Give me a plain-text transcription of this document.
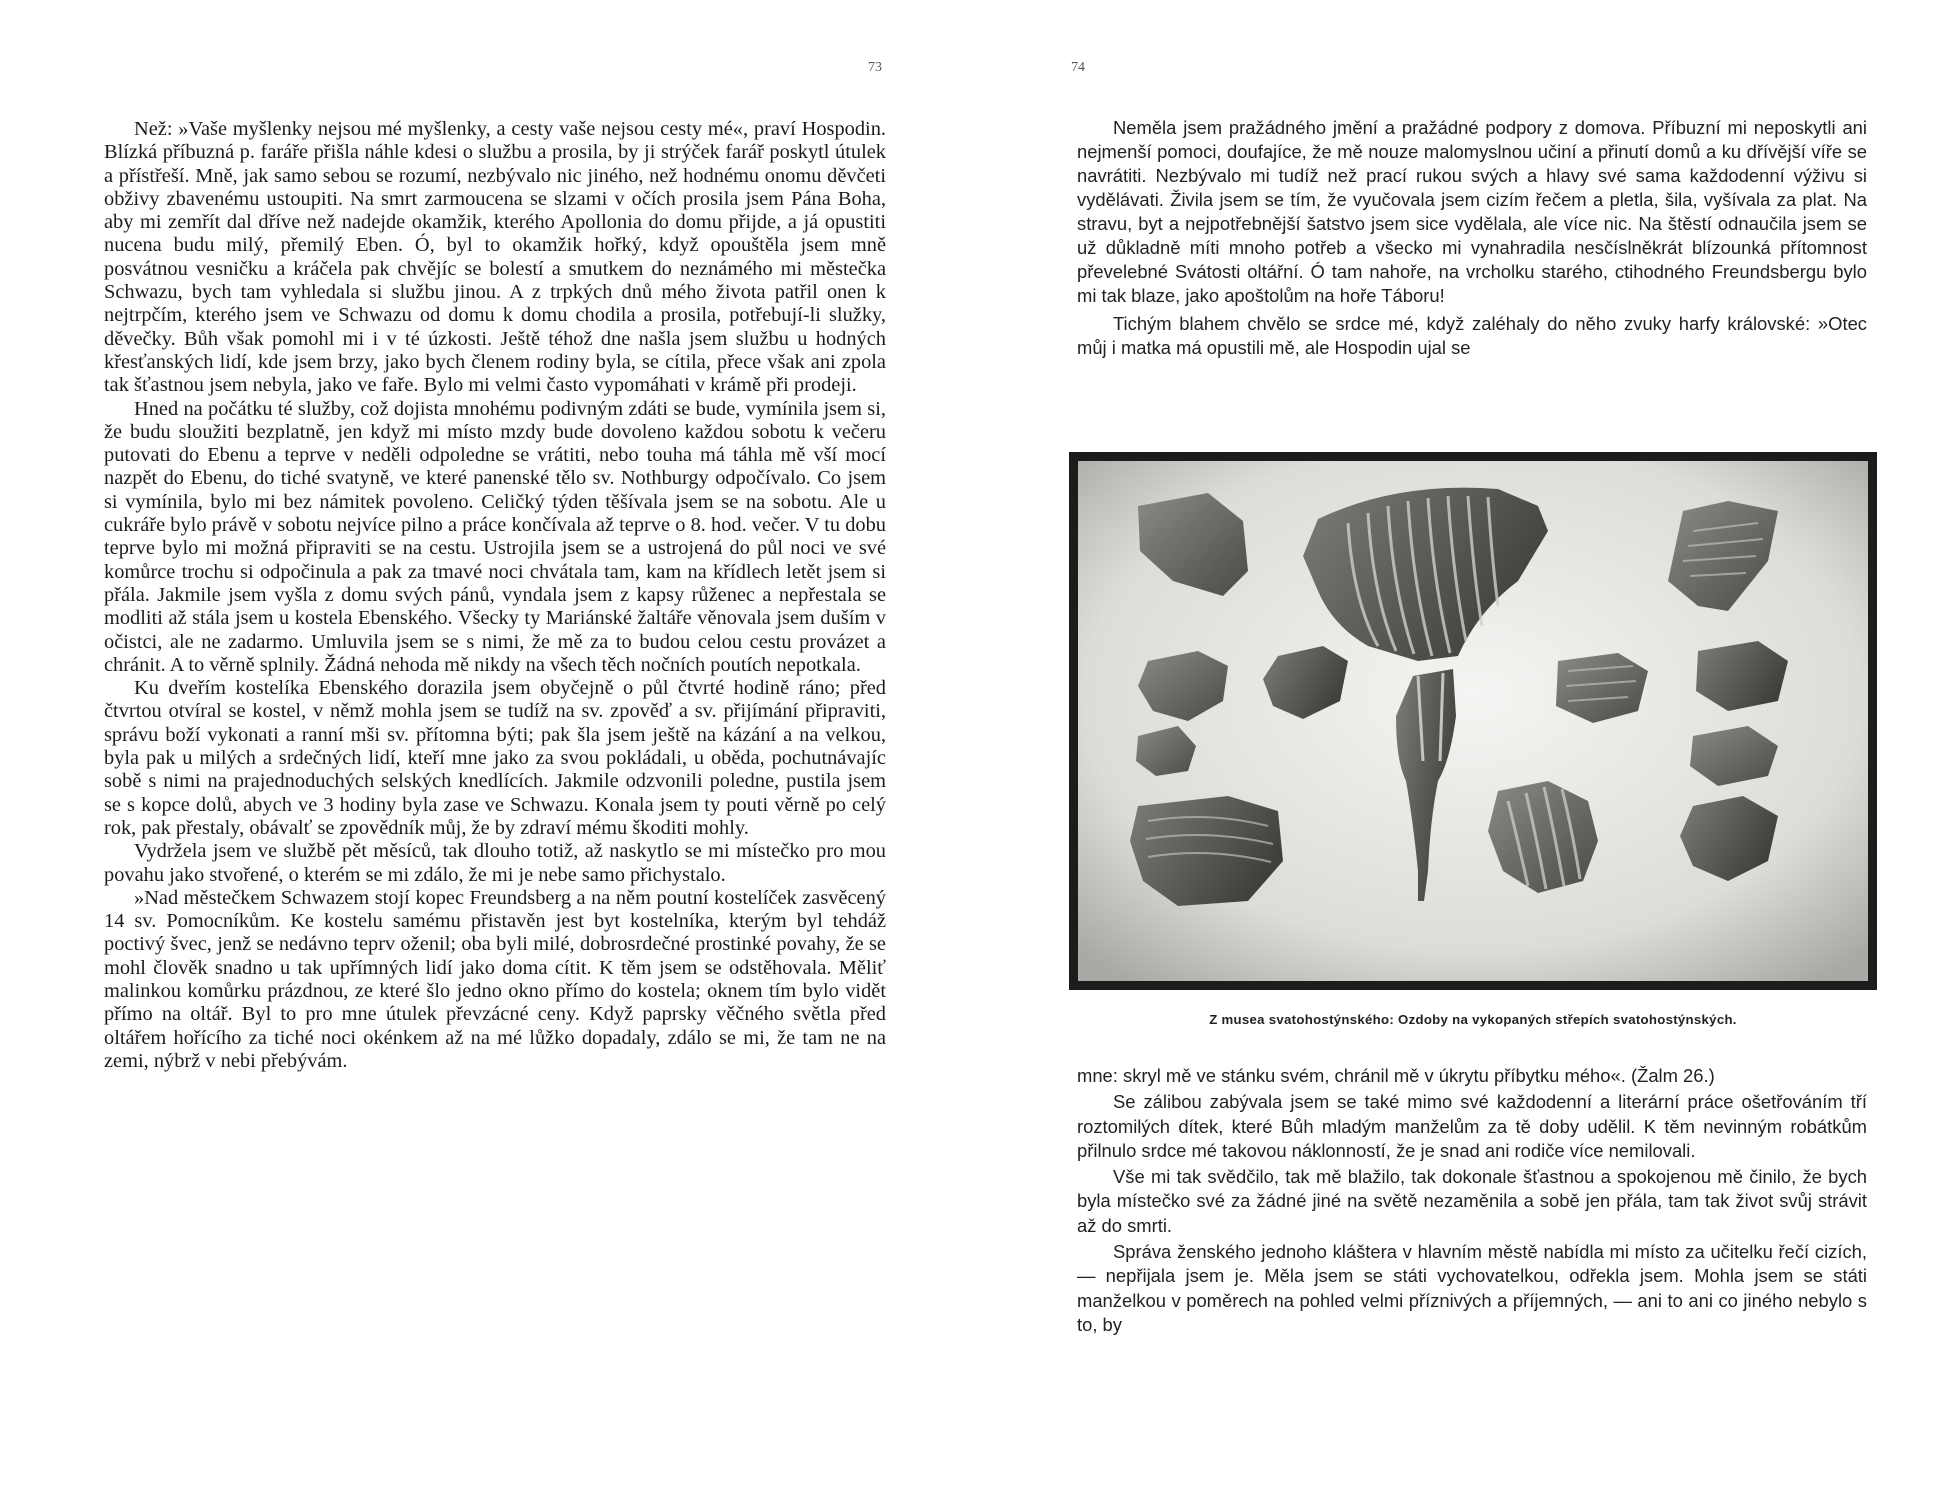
73

Než: »Vaše myšlenky nejsou mé myšlenky, a cesty vaše nejsou cesty mé«, praví Hospodin. Blízká příbuzná p. faráře přišla náhle kdesi o službu a prosila, by ji strýček farář poskytl útulek a přístřeší. Mně, jak samo sebou se rozumí, nezbývalo nic jiného, než hodnému onomu děvčeti obživy zbavenému ustoupiti. Na smrt zarmoucena se slzami v očích prosila jsem Pána Boha, aby mi zemřít dal dříve než nadejde okamžik, kterého Apollonia do domu přijde, a já opustiti nucena budu milý, přemilý Eben. Ó, byl to okamžik hořký, když opouštěla jsem mně posvátnou vesničku a kráčela pak chvějíc se bolestí a smutkem do neznámého mi městečka Schwazu, bych tam vyhledala si službu jinou. A z trpkých dnů mého života patřil onen k nejtrpčím, kterého jsem ve Schwazu od domu k domu chodila a prosila, potřebují-li služky, děvečky. Bůh však pomohl mi i v té úzkosti. Ještě téhož dne našla jsem službu u hodných křesťanských lidí, kde jsem brzy, jako bych členem rodiny byla, se cítila, přece však ani zpola tak šťastnou jsem nebyla, jako ve faře. Bylo mi velmi často vypomáhati v krámě při prodeji.

Hned na počátku té služby, což dojista mnohému podivným zdáti se bude, vymínila jsem si, že budu sloužiti bezplatně, jen když mi místo mzdy bude dovoleno každou sobotu k večeru putovati do Ebenu a teprve v neděli odpoledne se vrátiti, nebo touha má táhla mě vší mocí nazpět do Ebenu, do tiché svatyně, ve které panenské tělo sv. Nothburgy odpočívalo. Co jsem si vymínila, bylo mi bez námitek povoleno. Celičký týden těšívala jsem se na sobotu. Ale u cukráře bylo právě v sobotu nejvíce pilno a práce končívala až teprve o 8. hod. večer. V tu dobu teprve bylo mi možná připraviti se na cestu. Ustrojila jsem se a ustrojená do půl noci ve své komůrce trochu si odpočinula a pak za tmavé noci chvátala tam, kam na křídlech letět jsem si přála. Jakmile jsem vyšla z domu svých pánů, vyndala jsem z kapsy růženec a nepřestala se modliti až stála jsem u kostela Ebenského. Všecky ty Mariánské žaltáře věnovala jsem duším v očistci, ale ne zadarmo. Umluvila jsem se s nimi, že mě za to budou celou cestu provázet a chránit. A to věrně splnily. Žádná nehoda mě nikdy na všech těch nočních poutích nepotkala.

Ku dveřím kostelíka Ebenského dorazila jsem obyčejně o půl čtvrté hodině ráno; před čtvrtou otvíral se kostel, v němž mohla jsem se tudíž na sv. zpověď a sv. přijímání připraviti, správu boží vykonati a ranní mši sv. přítomna býti; pak šla jsem ještě na kázání a na velkou, byla pak u milých a srdečných lidí, kteří mne jako za svou pokládali, u oběda, pochutnávajíc sobě s nimi na prajednoduchých selských knedlících. Jakmile odzvonili poledne, pustila jsem se s kopce dolů, abych ve 3 hodiny byla zase ve Schwazu. Konala jsem ty pouti věrně po celý rok, pak přestaly, obávalť se zpovědník můj, že by zdraví mému škoditi mohly.

Vydržela jsem ve službě pět měsíců, tak dlouho totiž, až naskytlo se mi místečko pro mou povahu jako stvořené, o kterém se mi zdálo, že mi je nebe samo přichystalo.

»Nad městečkem Schwazem stojí kopec Freundsberg a na něm poutní kostelíček zasvěcený 14 sv. Pomocníkům. Ke kostelu samému přistavěn jest byt kostelníka, kterým byl tehdáž poctivý švec, jenž se nedávno teprv oženil; oba byli milé, dobrosrdečné prostinké povahy, že se mohl člověk snadno u tak upřímných lidí jako doma cítit. K těm jsem se odstěhovala. Měliť malinkou komůrku prázdnou, ze které šlo jedno okno přímo do kostela; oknem tím bylo vidět přímo na oltář. Byl to pro mne útulek převzácné ceny. Když paprsky věčného světla před oltářem hořícího za tiché noci okénkem až na mé lůžko dopadaly, zdálo se mi, že tam ne na zemi, nýbrž v nebi přebývám.

74

Neměla jsem pražádného jmění a pražádné podpory z domova. Příbuzní mi neposkytli ani nejmenší pomoci, doufajíce, že mě nouze malomyslnou učiní a přinutí domů a ku dřívější víře se navrátiti. Nezbývalo mi tudíž než prací rukou svých a hlavy své sama každodenní výživu si vydělávati. Živila jsem se tím, že vyučovala jsem cizím řečem a pletla, šila, vyšívala za plat. Na stravu, byt a nejpotřebnější šatstvo jsem sice vydělala, ale více nic. Na štěstí odnaučila jsem se už důkladně míti mnoho potřeb a všecko mi vynahradila nesčíslněkrát blízounká přítomnost převelebné Svátosti oltářní. Ó tam nahoře, na vrcholku starého, ctihodného Freundsbergu bylo mi tak blaze, jako apoštolům na hoře Táboru!

Tichým blahem chvělo se srdce mé, když zaléhaly do něho zvuky harfy královské: »Otec můj i matka má opustili mě, ale Hospodin ujal se

Z musea svatohostýnského: Ozdoby na vykopaných střepích svatohostýnských.

mne: skryl mě ve stánku svém, chránil mě v úkrytu příbytku mého«. (Žalm 26.)

Se zálibou zabývala jsem se také mimo své každodenní a literární práce ošetřováním tří roztomilých dítek, které Bůh mladým manželům za tě doby udělil. K těm nevinným robátkům přilnulo srdce mé takovou náklonností, že je snad ani rodiče více nemilovali.

Vše mi tak svědčilo, tak mě blažilo, tak dokonale šťastnou a spokojenou mě činilo, že bych byla místečko své za žádné jiné na světě nezaměnila a sobě jen přála, tam tak život svůj strávit až do smrti.

Správa ženského jednoho kláštera v hlavním městě nabídla mi místo za učitelku řečí cizích, — nepřijala jsem je. Měla jsem se státi vychovatelkou, odřekla jsem. Mohla jsem se státi manželkou v poměrech na pohled velmi příznivých a příjemných, — ani to ani co jiného nebylo s to, by
